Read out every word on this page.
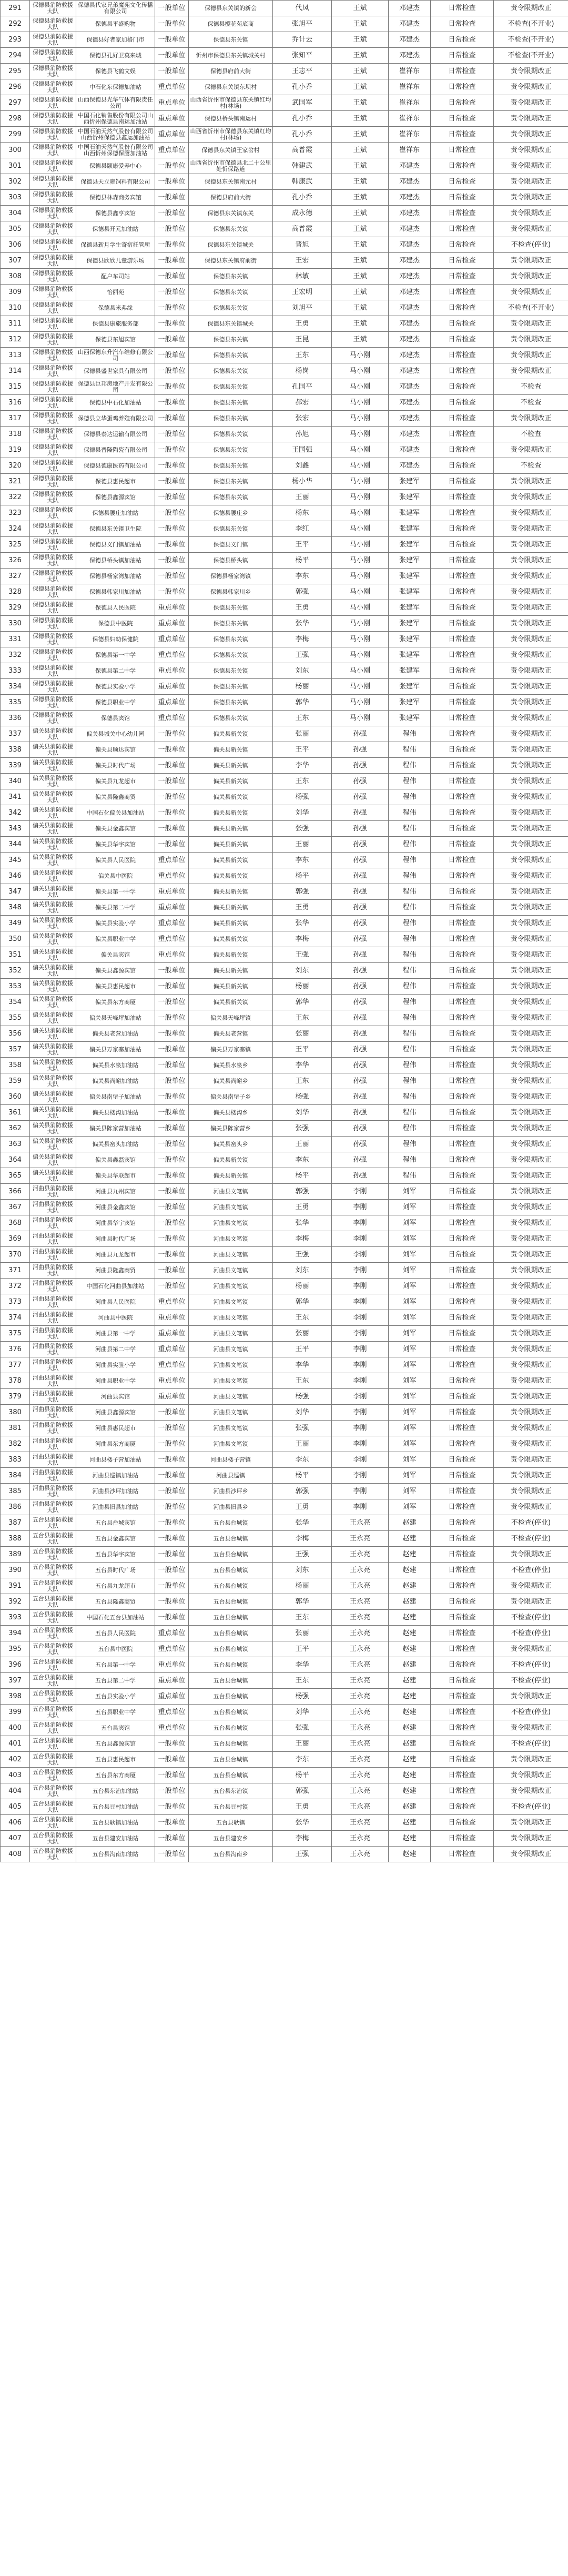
291	保德县消防救援大队	保德县代家兄弟魔苑文化传播有限公司	一般单位	保德县东关镇的新会	代凤	王斌	邓建杰	日常检查	责令限期改正
292	保德县消防救援大队	保德县平盛购物	一般单位	保德县樱花苑底商	张旭平	王斌	邓建杰	日常检查	不检查(不开业)
293	保德县消防救援大队	保德县好者家加格门市	一般单位	保德县东关镇	乔计去	王斌	邓建杰	日常检查	不检查(不开业)
294	保德县消防救援大队	保德县孔好卫莫来城	一般单位	忻州市保德县东关镇城关村	张知平	王斌	邓建杰	日常检查	不检查(不开业)
295	保德县消防救援大队	保德县飞鹤文娱	一般单位	保德县府前大街	王志平	王斌	崔祥东	日常检查	责令限期改正
296	保德县消防救援大队	中石化东保德加油站	重点单位	保德县东关镇东坝村	孔小乔	王斌	崔祥东	日常检查	责令限期改正
297	保德县消防救援大队	山西保德县光华气体有限责任公司	重点单位	山西省忻州市保德县东关镇红均村(林场)	武国军	王斌	崔祥东	日常检查	责令限期改正
298	保德县消防救援大队	中国石化销售股份有限公司山西忻州保德县南运加油站	重点单位	保德县桥头镇南运村	孔小乔	王斌	崔祥东	日常检查	责令限期改正
299	保德县消防救援大队	中国石油天然气股份有限公司山西忻州保德县鑫运加油站	重点单位	山西省忻州市保德县东关镇红均村(林场)	孔小乔	王斌	崔祥东	日常检查	责令限期改正
300	保德县消防救援大队	中国石油天然气股份有限公司山西忻州保德保鹰加油站	重点单位	保德县东关镇王家岔村	高普霞	王斌	崔祥东	日常检查	责令限期改正
301	保德县消防救援大队	保德县颐康爱养中心	一般单位	山西省忻州市保德县北二十公里处忻保路道	韩建武	王斌	邓建杰	日常检查	责令限期改正
302	保德县消防救援大队	保德县天立雍饲料有限公司	一般单位	保德县东关镇南元村	韩康武	王斌	邓建杰	日常检查	责令限期改正
303	保德县消防救援大队	保德县林森商务宾馆	一般单位	保德县府前大街	孔小乔	王斌	邓建杰	日常检查	责令限期改正
304	保德县消防救援大队	保德县鑫亨宾馆	一般单位	保德县东关镇东关	成永德	王斌	邓建杰	日常检查	责令限期改正
305	保德县消防救援大队	保德县开元加油站	一般单位	保德县东关镇	高普霞	王斌	邓建杰	日常检查	责令限期改正
306	保德县消防救援大队	保德县新月学生寄宿托管所	一般单位	保德县东关镇城关	晋旭	王斌	邓建杰	日常检查	不检查(停业)
307	保德县消防救援大队	保德县欣欣儿童游乐场	一般单位	保德县东关镇府前街	王宏	王斌	邓建杰	日常检查	责令限期改正
308	保德县消防救援大队	配户车司站	一般单位	保德县东关镇	林敏	王斌	邓建杰	日常检查	责令限期改正
309	保德县消防救援大队	怡丽苑	一般单位	保德县东关镇	王宏明	王斌	邓建杰	日常检查	责令限期改正
310	保德县消防救援大队	保德县米弗缘	一般单位	保德县东关镇	刘旭平	王斌	邓建杰	日常检查	不检查(不开业)
311	保德县消防救援大队	保德县康旅服务部	一般单位	保德县东关镇城关	王勇	王斌	邓建杰	日常检查	责令限期改正
312	保德县消防救援大队	保德县东旭宾馆	一般单位	保德县东关镇	王昆	王斌	邓建杰	日常检查	责令限期改正
313	保德县消防救援大队	山西保德东升汽车维修有限公司	一般单位	保德县东关镇	王东	马小刚	邓建杰	日常检查	责令限期改正
314	保德县消防救援大队	保德县盛世家具有限公司	一般单位	保德县东关镇	杨岗	马小刚	邓建杰	日常检查	责令限期改正
315	保德县消防救援大队	保德县巨邦房地产开发有限公司	一般单位	保德县东关镇	孔国平	马小刚	邓建杰	日常检查	不检查
316	保德县消防救援大队	保德县中石化加油站	一般单位	保德县东关镇	郝宏	马小刚	邓建杰	日常检查	不检查
317	保德县消防救援大队	保德县立华蛋鸡养殖有限公司	一般单位	保德县东关镇	张宏	马小刚	邓建杰	日常检查	责令限期改正
318	保德县消防救援大队	保德县泰达运输有限公司	一般单位	保德县东关镇	孙旭	马小刚	邓建杰	日常检查	不检查
319	保德县消防救援大队	保德县晋隆陶瓷有限公司	一般单位	保德县东关镇	王国强	马小刚	邓建杰	日常检查	责令限期改正
320	保德县消防救援大队	保德县德康医药有限公司	一般单位	保德县东关镇	刘鑫	马小刚	邓建杰	日常检查	不检查
321	保德县消防救援大队	保德县惠民超市	一般单位	保德县东关镇	杨小华	马小刚	张建军	日常检查	责令限期改正
322	保德县消防救援大队	保德县鑫源宾馆	一般单位	保德县东关镇	王丽	马小刚	张建军	日常检查	责令限期改正
323	保德县消防救援大队	保德县腰庄加油站	一般单位	保德县腰庄乡	杨东	马小刚	张建军	日常检查	责令限期改正
324	保德县消防救援大队	保德县东关镇卫生院	一般单位	保德县东关镇	李红	马小刚	张建军	日常检查	责令限期改正
325	保德县消防救援大队	保德县义门镇加油站	一般单位	保德县义门镇	王平	马小刚	张建军	日常检查	责令限期改正
326	保德县消防救援大队	保德县桥头镇加油站	一般单位	保德县桥头镇	杨平	马小刚	张建军	日常检查	责令限期改正
327	保德县消防救援大队	保德县杨家湾加油站	一般单位	保德县杨家湾镇	李东	马小刚	张建军	日常检查	责令限期改正
328	保德县消防救援大队	保德县韩家川加油站	一般单位	保德县韩家川乡	郭强	马小刚	张建军	日常检查	责令限期改正
329	保德县消防救援大队	保德县人民医院	重点单位	保德县东关镇	王勇	马小刚	张建军	日常检查	责令限期改正
330	保德县消防救援大队	保德县中医院	重点单位	保德县东关镇	张华	马小刚	张建军	日常检查	责令限期改正
331	保德县消防救援大队	保德县妇幼保健院	重点单位	保德县东关镇	李梅	马小刚	张建军	日常检查	责令限期改正
332	保德县消防救援大队	保德县第一中学	重点单位	保德县东关镇	王强	马小刚	张建军	日常检查	责令限期改正
333	保德县消防救援大队	保德县第二中学	重点单位	保德县东关镇	刘东	马小刚	张建军	日常检查	责令限期改正
334	保德县消防救援大队	保德县实验小学	重点单位	保德县东关镇	杨丽	马小刚	张建军	日常检查	责令限期改正
335	保德县消防救援大队	保德县职业中学	重点单位	保德县东关镇	郭华	马小刚	张建军	日常检查	责令限期改正
336	保德县消防救援大队	保德县宾馆	重点单位	保德县东关镇	王东	马小刚	张建军	日常检查	责令限期改正
337	偏关县消防救援大队	偏关县城关中心幼儿园	一般单位	偏关县新关镇	张丽	孙强	程伟	日常检查	责令限期改正
338	偏关县消防救援大队	偏关县顺达宾馆	一般单位	偏关县新关镇	王平	孙强	程伟	日常检查	责令限期改正
339	偏关县消防救援大队	偏关县时代广场	一般单位	偏关县新关镇	李华	孙强	程伟	日常检查	责令限期改正
340	偏关县消防救援大队	偏关县九龙超市	一般单位	偏关县新关镇	王东	孙强	程伟	日常检查	责令限期改正
341	偏关县消防救援大队	偏关县隆鑫商贸	一般单位	偏关县新关镇	杨强	孙强	程伟	日常检查	责令限期改正
342	偏关县消防救援大队	中国石化偏关县加油站	一般单位	偏关县新关镇	刘华	孙强	程伟	日常检查	责令限期改正
343	偏关县消防救援大队	偏关县金鑫宾馆	一般单位	偏关县新关镇	张强	孙强	程伟	日常检查	责令限期改正
344	偏关县消防救援大队	偏关县华宇宾馆	一般单位	偏关县新关镇	王丽	孙强	程伟	日常检查	责令限期改正
345	偏关县消防救援大队	偏关县人民医院	重点单位	偏关县新关镇	李东	孙强	程伟	日常检查	责令限期改正
346	偏关县消防救援大队	偏关县中医院	重点单位	偏关县新关镇	杨平	孙强	程伟	日常检查	责令限期改正
347	偏关县消防救援大队	偏关县第一中学	重点单位	偏关县新关镇	郭强	孙强	程伟	日常检查	责令限期改正
348	偏关县消防救援大队	偏关县第二中学	重点单位	偏关县新关镇	王勇	孙强	程伟	日常检查	责令限期改正
349	偏关县消防救援大队	偏关县实验小学	重点单位	偏关县新关镇	张华	孙强	程伟	日常检查	责令限期改正
350	偏关县消防救援大队	偏关县职业中学	重点单位	偏关县新关镇	李梅	孙强	程伟	日常检查	责令限期改正
351	偏关县消防救援大队	偏关县宾馆	重点单位	偏关县新关镇	王强	孙强	程伟	日常检查	责令限期改正
352	偏关县消防救援大队	偏关县鑫源宾馆	一般单位	偏关县新关镇	刘东	孙强	程伟	日常检查	责令限期改正
353	偏关县消防救援大队	偏关县惠民超市	一般单位	偏关县新关镇	杨丽	孙强	程伟	日常检查	责令限期改正
354	偏关县消防救援大队	偏关县东方商厦	一般单位	偏关县新关镇	郭华	孙强	程伟	日常检查	责令限期改正
355	偏关县消防救援大队	偏关县天峰坪加油站	一般单位	偏关县天峰坪镇	王东	孙强	程伟	日常检查	责令限期改正
356	偏关县消防救援大队	偏关县老营加油站	一般单位	偏关县老营镇	张丽	孙强	程伟	日常检查	责令限期改正
357	偏关县消防救援大队	偏关县万家寨加油站	一般单位	偏关县万家寨镇	王平	孙强	程伟	日常检查	责令限期改正
358	偏关县消防救援大队	偏关县水泉加油站	一般单位	偏关县水泉乡	李华	孙强	程伟	日常检查	责令限期改正
359	偏关县消防救援大队	偏关县尚峪加油站	一般单位	偏关县尚峪乡	王东	孙强	程伟	日常检查	责令限期改正
360	偏关县消防救援大队	偏关县南堡子加油站	一般单位	偏关县南堡子乡	杨强	孙强	程伟	日常检查	责令限期改正
361	偏关县消防救援大队	偏关县楼沟加油站	一般单位	偏关县楼沟乡	刘华	孙强	程伟	日常检查	责令限期改正
362	偏关县消防救援大队	偏关县陈家营加油站	一般单位	偏关县陈家营乡	张强	孙强	程伟	日常检查	责令限期改正
363	偏关县消防救援大队	偏关县窑头加油站	一般单位	偏关县窑头乡	王丽	孙强	程伟	日常检查	责令限期改正
364	偏关县消防救援大队	偏关县鑫磊宾馆	一般单位	偏关县新关镇	李东	孙强	程伟	日常检查	责令限期改正
365	偏关县消防救援大队	偏关县华联超市	一般单位	偏关县新关镇	杨平	孙强	程伟	日常检查	责令限期改正
366	河曲县消防救援大队	河曲县九州宾馆	一般单位	河曲县文笔镇	郭强	李刚	刘军	日常检查	责令限期改正
367	河曲县消防救援大队	河曲县金鑫宾馆	一般单位	河曲县文笔镇	王勇	李刚	刘军	日常检查	责令限期改正
368	河曲县消防救援大队	河曲县华宇宾馆	一般单位	河曲县文笔镇	张华	李刚	刘军	日常检查	责令限期改正
369	河曲县消防救援大队	河曲县时代广场	一般单位	河曲县文笔镇	李梅	李刚	刘军	日常检查	责令限期改正
370	河曲县消防救援大队	河曲县九龙超市	一般单位	河曲县文笔镇	王强	李刚	刘军	日常检查	责令限期改正
371	河曲县消防救援大队	河曲县隆鑫商贸	一般单位	河曲县文笔镇	刘东	李刚	刘军	日常检查	责令限期改正
372	河曲县消防救援大队	中国石化河曲县加油站	一般单位	河曲县文笔镇	杨丽	李刚	刘军	日常检查	责令限期改正
373	河曲县消防救援大队	河曲县人民医院	重点单位	河曲县文笔镇	郭华	李刚	刘军	日常检查	责令限期改正
374	河曲县消防救援大队	河曲县中医院	重点单位	河曲县文笔镇	王东	李刚	刘军	日常检查	责令限期改正
375	河曲县消防救援大队	河曲县第一中学	重点单位	河曲县文笔镇	张丽	李刚	刘军	日常检查	责令限期改正
376	河曲县消防救援大队	河曲县第二中学	重点单位	河曲县文笔镇	王平	李刚	刘军	日常检查	责令限期改正
377	河曲县消防救援大队	河曲县实验小学	重点单位	河曲县文笔镇	李华	李刚	刘军	日常检查	责令限期改正
378	河曲县消防救援大队	河曲县职业中学	重点单位	河曲县文笔镇	王东	李刚	刘军	日常检查	责令限期改正
379	河曲县消防救援大队	河曲县宾馆	重点单位	河曲县文笔镇	杨强	李刚	刘军	日常检查	责令限期改正
380	河曲县消防救援大队	河曲县鑫源宾馆	一般单位	河曲县文笔镇	刘华	李刚	刘军	日常检查	责令限期改正
381	河曲县消防救援大队	河曲县惠民超市	一般单位	河曲县文笔镇	张强	李刚	刘军	日常检查	责令限期改正
382	河曲县消防救援大队	河曲县东方商厦	一般单位	河曲县文笔镇	王丽	李刚	刘军	日常检查	责令限期改正
383	河曲县消防救援大队	河曲县楼子营加油站	一般单位	河曲县楼子营镇	李东	李刚	刘军	日常检查	责令限期改正
384	河曲县消防救援大队	河曲县巡镇加油站	一般单位	河曲县巡镇	杨平	李刚	刘军	日常检查	责令限期改正
385	河曲县消防救援大队	河曲县沙坪加油站	一般单位	河曲县沙坪乡	郭强	李刚	刘军	日常检查	责令限期改正
386	河曲县消防救援大队	河曲县旧县加油站	一般单位	河曲县旧县乡	王勇	李刚	刘军	日常检查	责令限期改正
387	五台县消防救援大队	五台县台城宾馆	一般单位	五台县台城镇	张华	王永亮	赵建	日常检查	不检查(停业)
388	五台县消防救援大队	五台县金鑫宾馆	一般单位	五台县台城镇	李梅	王永亮	赵建	日常检查	不检查(停业)
389	五台县消防救援大队	五台县华宇宾馆	一般单位	五台县台城镇	王强	王永亮	赵建	日常检查	责令限期改正
390	五台县消防救援大队	五台县时代广场	一般单位	五台县台城镇	刘东	王永亮	赵建	日常检查	不检查(停业)
391	五台县消防救援大队	五台县九龙超市	一般单位	五台县台城镇	杨丽	王永亮	赵建	日常检查	责令限期改正
392	五台县消防救援大队	五台县隆鑫商贸	一般单位	五台县台城镇	郭华	王永亮	赵建	日常检查	责令限期改正
393	五台县消防救援大队	中国石化五台县加油站	一般单位	五台县台城镇	王东	王永亮	赵建	日常检查	不检查(停业)
394	五台县消防救援大队	五台县人民医院	重点单位	五台县台城镇	张丽	王永亮	赵建	日常检查	不检查(停业)
395	五台县消防救援大队	五台县中医院	重点单位	五台县台城镇	王平	王永亮	赵建	日常检查	责令限期改正
396	五台县消防救援大队	五台县第一中学	重点单位	五台县台城镇	李华	王永亮	赵建	日常检查	不检查(停业)
397	五台县消防救援大队	五台县第二中学	重点单位	五台县台城镇	王东	王永亮	赵建	日常检查	不检查(停业)
398	五台县消防救援大队	五台县实验小学	重点单位	五台县台城镇	杨强	王永亮	赵建	日常检查	责令限期改正
399	五台县消防救援大队	五台县职业中学	重点单位	五台县台城镇	刘华	王永亮	赵建	日常检查	不检查(停业)
400	五台县消防救援大队	五台县宾馆	重点单位	五台县台城镇	张强	王永亮	赵建	日常检查	责令限期改正
401	五台县消防救援大队	五台县鑫源宾馆	一般单位	五台县台城镇	王丽	王永亮	赵建	日常检查	不检查(停业)
402	五台县消防救援大队	五台县惠民超市	一般单位	五台县台城镇	李东	王永亮	赵建	日常检查	责令限期改正
403	五台县消防救援大队	五台县东方商厦	一般单位	五台县台城镇	杨平	王永亮	赵建	日常检查	责令限期改正
404	五台县消防救援大队	五台县东冶加油站	一般单位	五台县东冶镇	郭强	王永亮	赵建	日常检查	责令限期改正
405	五台县消防救援大队	五台县豆村加油站	一般单位	五台县豆村镇	王勇	王永亮	赵建	日常检查	不检查(停业)
406	五台县消防救援大队	五台县耿镇加油站	一般单位	五台县耿镇	张华	王永亮	赵建	日常检查	责令限期改正
407	五台县消防救援大队	五台县建安加油站	一般单位	五台县建安乡	李梅	王永亮	赵建	日常检查	责令限期改正
408	五台县消防救援大队	五台县沟南加油站	一般单位	五台县沟南乡	王强	王永亮	赵建	日常检查	责令限期改正
